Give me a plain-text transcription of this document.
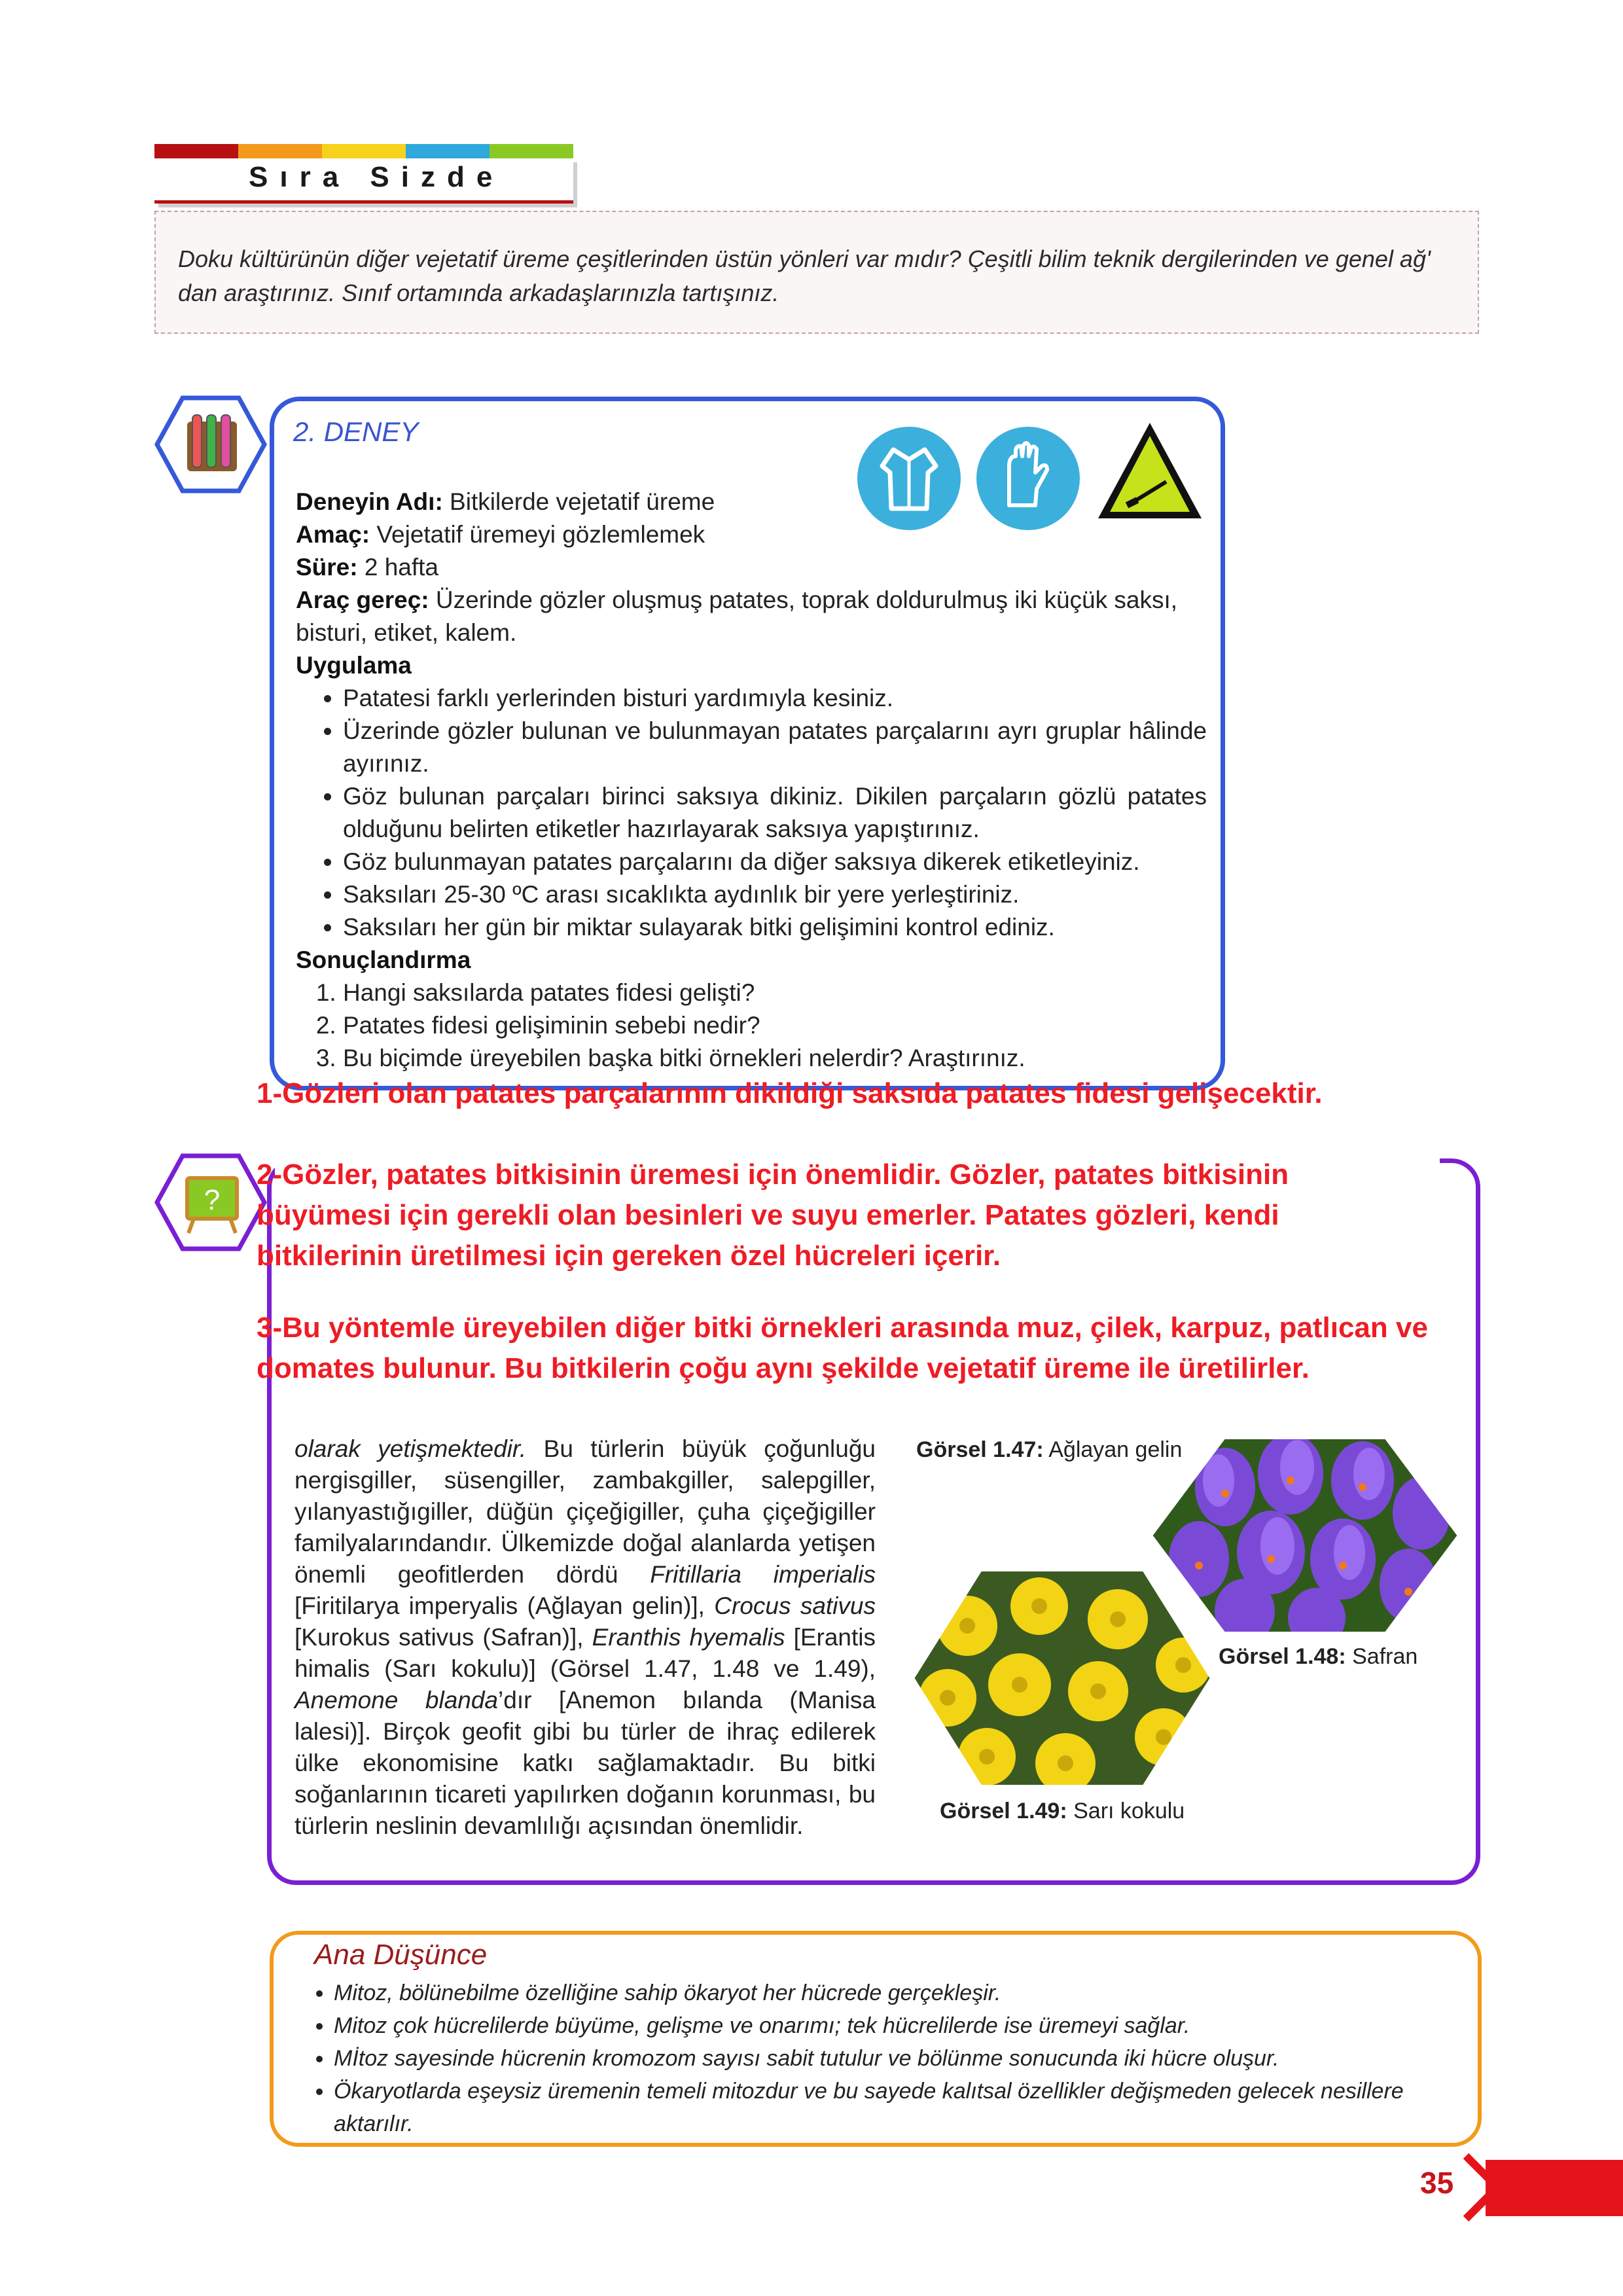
Sıra Sizde
Doku kültürünün diğer vejetatif üreme çeşitlerinden üstün yönleri var mıdır? Çeşitli bilim teknik dergilerinden ve genel ağ' dan araştırınız. Sınıf ortamında arkadaşlarınızla tartışınız.
2. DENEY
Deneyin Adı: Bitkilerde vejetatif üreme
Amaç: Vejetatif üremeyi gözlemlemek
Süre: 2 hafta
Araç gereç: Üzerinde gözler oluşmuş patates, toprak doldurulmuş iki küçük saksı, bisturi, etiket, kalem.
Uygulama
• Patatesi farklı yerlerinden bisturi yardımıyla kesiniz.
• Üzerinde gözler bulunan ve bulunmayan patates parçalarını ayrı gruplar hâlinde ayırınız.
• Göz bulunan parçaları birinci saksıya dikiniz. Dikilen parçaların gözlü patates olduğunu belirten etiketler hazırlayarak saksıya yapıştırınız.
• Göz bulunmayan patates parçalarını da diğer saksıya dikerek etiketleyiniz.
• Saksıları 25-30 ºC arası sıcaklıkta aydınlık bir yere yerleştiriniz.
• Saksıları her gün bir miktar sulayarak bitki gelişimini kontrol ediniz.
Sonuçlandırma
1. Hangi saksılarda patates fidesi gelişti?
2. Patates fidesi gelişiminin sebebi nedir?
3. Bu biçimde üreyebilen başka bitki örnekleri nelerdir? Araştırınız.
?
1-Gözleri olan patates parçalarının dikildiği saksıda patates fidesi gelişecektir.
2-Gözler, patates bitkisinin üremesi için önemlidir. Gözler, patates bitkisinin büyümesi için gerekli olan besinleri ve suyu emerler. Patates gözleri, kendi bitkilerinin üretilmesi için gereken özel hücreleri içerir.
3-Bu yöntemle üreyebilen diğer bitki örnekleri arasında muz, çilek, karpuz, patlıcan ve domates bulunur. Bu bitkilerin çoğu aynı şekilde vejetatif üreme ile üretilirler.
olarak yetişmektedir. Bu türlerin büyük çoğunluğu nergisgiller, süsengiller, zambakgiller, salepgiller, yılanyastığıgiller, düğün çiçeğigiller, çuha çiçeğigiller familyalarındandır. Ülkemizde doğal alanlarda yetişen önemli geofitlerden dördü Fritillaria imperialis [Firitilarya imperyalis (Ağlayan gelin)], Crocus sativus [Kurokus sativus (Safran)], Eranthis hyemalis [Erantis himalis (Sarı kokulu)] (Görsel 1.47, 1.48 ve 1.49), Anemone blanda’dır [Anemon bılanda (Manisa lalesi)]. Birçok geofit gibi bu türler de ihraç edilerek ülke ekonomisine katkı sağlamaktadır. Bu bitki soğanlarının ticareti yapılırken doğanın korunması, bu türlerin neslinin devamlılığı açısından önemlidir.
Görsel 1.47: Ağlayan gelin
Görsel 1.48: Safran
Görsel 1.49: Sarı kokulu
Ana Düşünce
• Mitoz, bölünebilme özelliğine sahip ökaryot her hücrede gerçekleşir.
• Mitoz çok hücrelilerde büyüme, gelişme ve onarımı; tek hücrelilerde ise üremeyi sağlar.
• Mİtoz sayesinde hücrenin kromozom sayısı sabit tutulur ve bölünme sonucunda iki hücre oluşur.
• Ökaryotlarda eşeysiz üremenin temeli mitozdur ve bu sayede kalıtsal özellikler değişmeden gelecek nesillere aktarılır.
35
